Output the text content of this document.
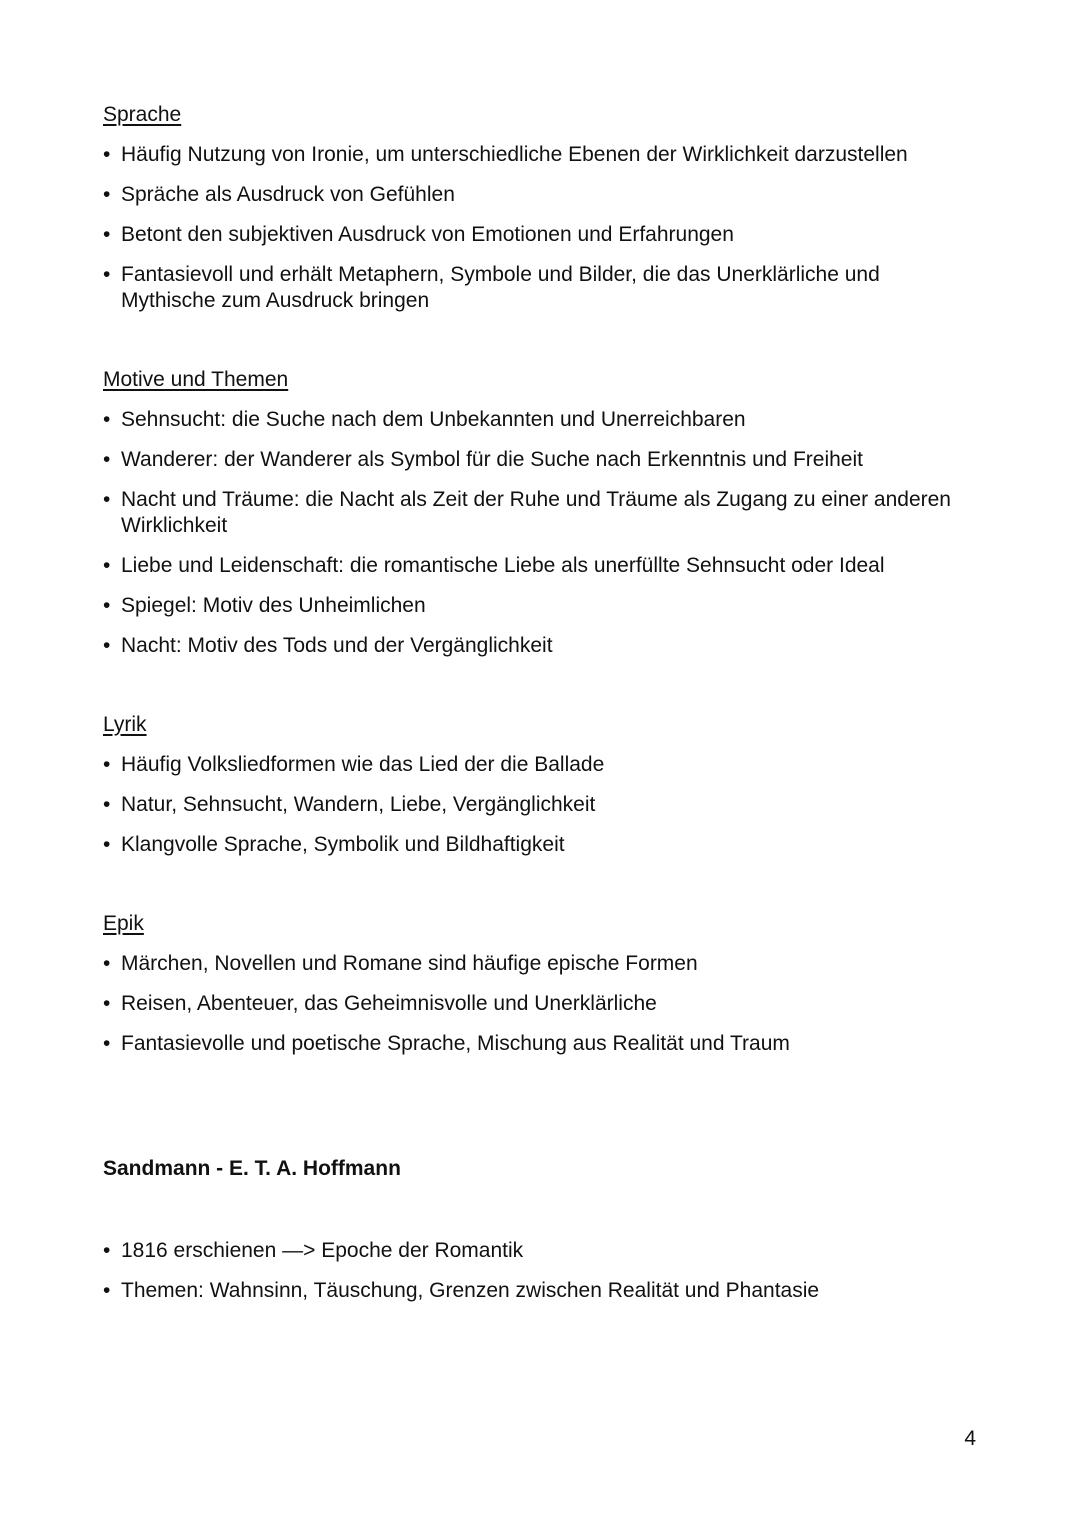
Sprache
• Häufig Nutzung von Ironie, um unterschiedliche Ebenen der Wirklichkeit darzustellen
• Spräche als Ausdruck von Gefühlen
• Betont den subjektiven Ausdruck von Emotionen und Erfahrungen
• Fantasievoll und erhält Metaphern, Symbole und Bilder, die das Unerklärliche und Mythische zum Ausdruck bringen
Motive und Themen
• Sehnsucht: die Suche nach dem Unbekannten und Unerreichbaren
• Wanderer: der Wanderer als Symbol für die Suche nach Erkenntnis und Freiheit
• Nacht und Träume: die Nacht als Zeit der Ruhe und Träume als Zugang zu einer anderen Wirklichkeit
• Liebe und Leidenschaft: die romantische Liebe als unerfüllte Sehnsucht oder Ideal
• Spiegel: Motiv des Unheimlichen
• Nacht: Motiv des Tods und der Vergänglichkeit
Lyrik
• Häufig Volksliedformen wie das Lied der die Ballade
• Natur, Sehnsucht, Wandern, Liebe, Vergänglichkeit
• Klangvolle Sprache, Symbolik und Bildhaftigkeit
Epik
• Märchen, Novellen und Romane sind häufige epische Formen
• Reisen, Abenteuer, das Geheimnisvolle und Unerklärliche
• Fantasievolle und poetische Sprache, Mischung aus Realität und Traum
Sandmann - E. T. A. Hoffmann
• 1816 erschienen —> Epoche der Romantik
• Themen: Wahnsinn, Täuschung, Grenzen zwischen Realität und Phantasie
4
